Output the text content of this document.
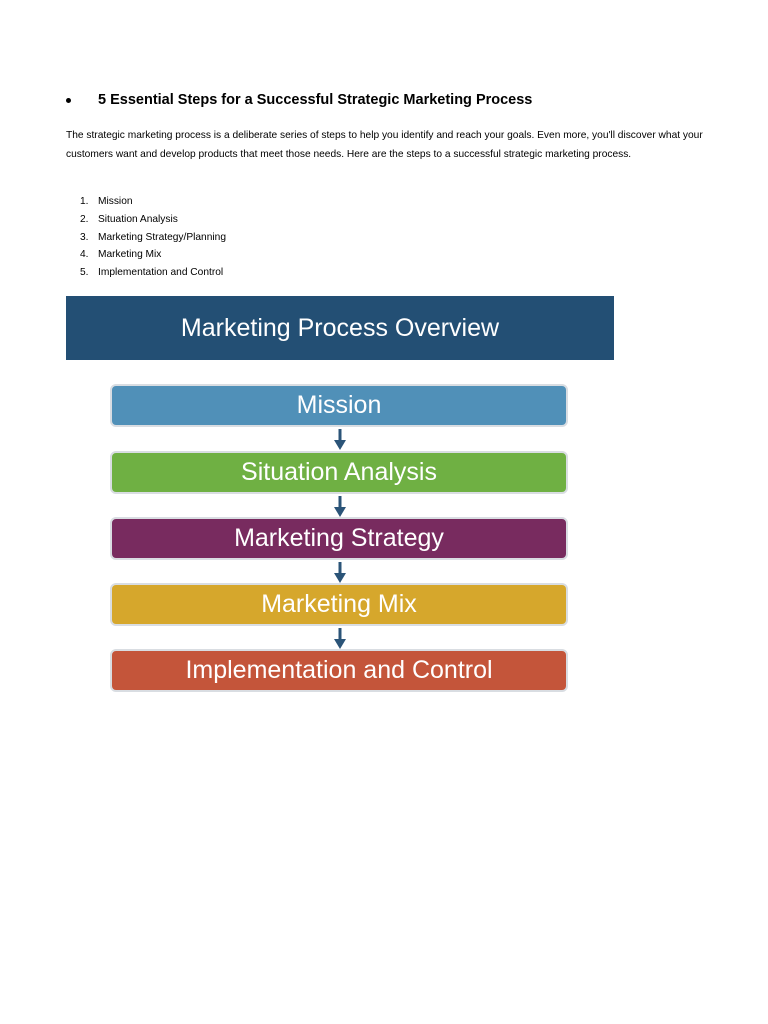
5 Essential Steps for a Successful Strategic Marketing Process

The strategic marketing process is a deliberate series of steps to help you identify and reach your goals. Even more, you'll discover what your customers want and develop products that meet those needs. Here are the steps to a successful strategic marketing process.

1. Mission
2. Situation Analysis
3. Marketing Strategy/Planning
4. Marketing Mix
5. Implementation and Control
Marketing Process Overview
Mission
Situation Analysis
Marketing Strategy
Marketing Mix
Implementation and Control
